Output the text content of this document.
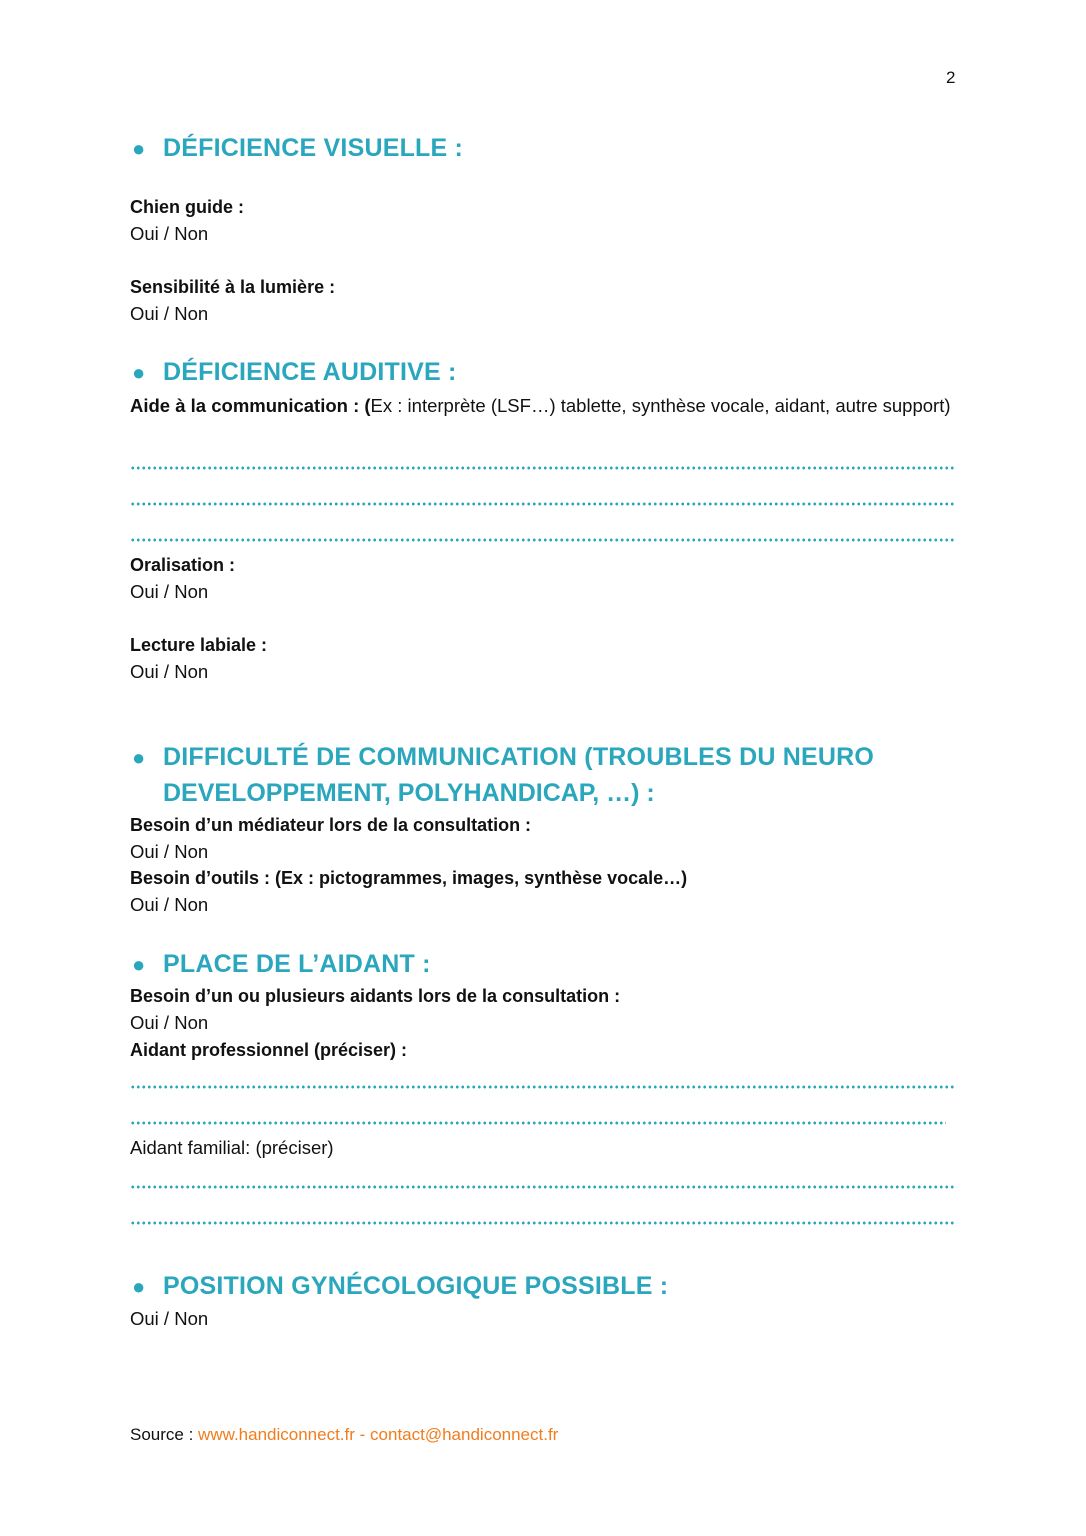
2
● DÉFICIENCE VISUELLE :
Chien guide :
Oui / Non
Sensibilité à la lumière :
Oui / Non
● DÉFICIENCE AUDITIVE :
Aide à la communication : (Ex : interprète (LSF…) tablette, synthèse vocale, aidant, autre support)
Oralisation :
Oui / Non
Lecture labiale :
Oui / Non
● DIFFICULTÉ DE COMMUNICATION (TROUBLES DU NEURO
DEVELOPPEMENT, POLYHANDICAP, …) :
Besoin d’un médiateur lors de la consultation :
Oui / Non
Besoin d’outils : (Ex : pictogrammes, images, synthèse vocale…)
Oui / Non
● PLACE DE L’AIDANT :
Besoin d’un ou plusieurs aidants lors de la consultation :
Oui / Non
Aidant professionnel (préciser) :
Aidant familial: (préciser)
● POSITION GYNÉCOLOGIQUE POSSIBLE :
Oui / Non
Source : www.handiconnect.fr - contact@handiconnect.fr
